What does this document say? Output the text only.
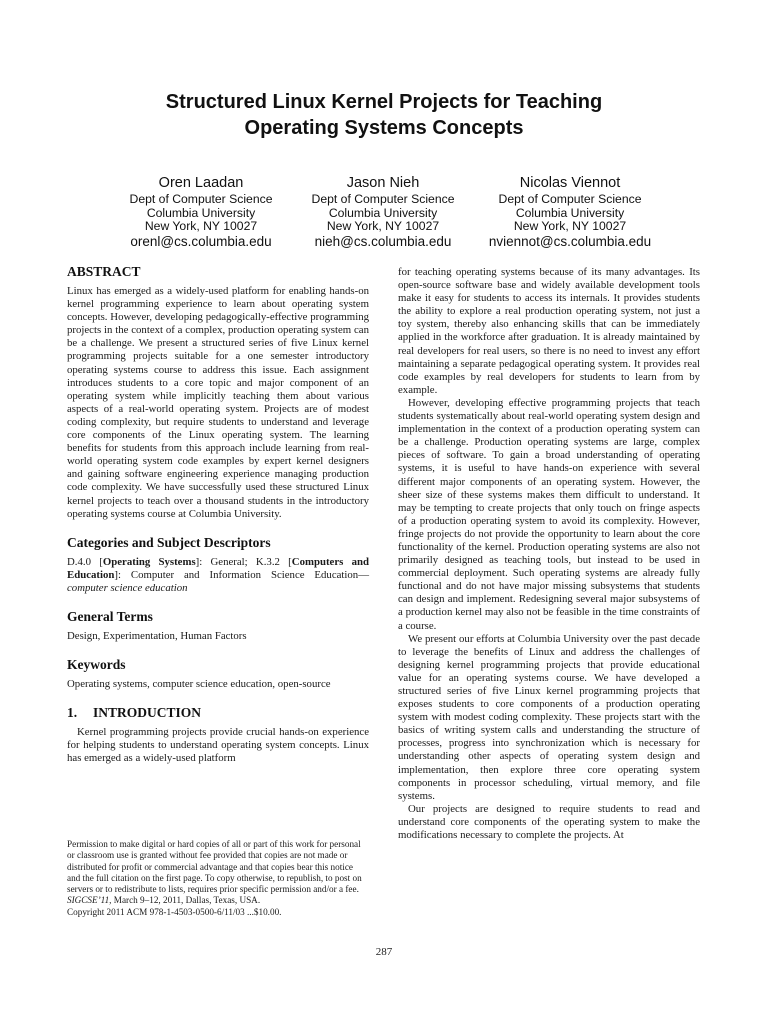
Structured Linux Kernel Projects for Teaching
Operating Systems Concepts
Oren Laadan
Dept of Computer Science
Columbia University
New York, NY 10027
orenl@cs.columbia.edu
Jason Nieh
Dept of Computer Science
Columbia University
New York, NY 10027
nieh@cs.columbia.edu
Nicolas Viennot
Dept of Computer Science
Columbia University
New York, NY 10027
nviennot@cs.columbia.edu
ABSTRACT

Linux has emerged as a widely-used platform for enabling hands-on kernel programming experience to learn about operating system concepts. However, developing pedagogically-effective programming projects in the context of a complex, production operating system can be a challenge. We present a structured series of five Linux kernel programming projects suitable for a one semester introductory operating systems course to address this issue. Each assignment introduces students to a core topic and major component of an operating system while implicitly teaching them about various aspects of a real-world operating system. Projects are of modest coding complexity, but require students to understand and leverage core components of the Linux operating system. The learning benefits for students from this approach include learning from real-world operating system code examples by expert kernel designers and gaining software engineering experience managing production code complexity. We have successfully used these structured Linux kernel projects to teach over a thousand students in the introductory operating systems course at Columbia University.

Categories and Subject Descriptors

D.4.0 [Operating Systems]: General; K.3.2 [Computers and Education]: Computer and Information Science Education—computer science education

General Terms

Design, Experimentation, Human Factors

Keywords

Operating systems, computer science education, open-source

1. INTRODUCTION

Kernel programming projects provide crucial hands-on experience for helping students to understand operating system concepts. Linux has emerged as a widely-used platform

Permission to make digital or hard copies of all or part of this work for personal or classroom use is granted without fee provided that copies are not made or distributed for profit or commercial advantage and that copies bear this notice and the full citation on the first page. To copy otherwise, to republish, to post on servers or to redistribute to lists, requires prior specific permission and/or a fee.

SIGCSE’11, March 9–12, 2011, Dallas, Texas, USA.

Copyright 2011 ACM 978-1-4503-0500-6/11/03 ...$10.00.

for teaching operating systems because of its many advantages. Its open-source software base and widely available development tools make it easy for students to access its internals. It provides students the ability to explore a real production operating system, not just a toy system, thereby also enhancing skills that can be immediately applied in the workforce after graduation. It is already maintained by real developers for real users, so there is no need to invest any effort maintaining a separate pedagogical operating system. It provides real code examples by real developers for students to learn from by example.

However, developing effective programming projects that teach students systematically about real-world operating system design and implementation in the context of a production operating system can be a challenge. Production operating systems are large, complex pieces of software. To gain a broad understanding of operating systems, it is useful to have hands-on experience with several different major components of an operating system. However, the sheer size of these systems makes them difficult to understand. It may be tempting to create projects that only touch on fringe aspects of a production operating system to avoid its complexity. However, fringe projects do not provide the opportunity to learn about the core functionality of the kernel. Production operating systems are also not primarily designed as teaching tools, but instead to be used in commercial deployment. Such operating systems are already fully functional and do not have major missing subsystems that students can design and implement. Redesigning several major subsystems of a production kernel may also not be feasible in the time constraints of a course.

We present our efforts at Columbia University over the past decade to leverage the benefits of Linux and address the challenges of designing kernel programming projects that provide educational value for an operating systems course. We have developed a structured series of five Linux kernel programming projects that exposes students to core components of a production operating system with modest coding complexity. These projects start with the basics of writing system calls and understanding the structure of processes, progress into synchronization which is necessary for understanding other aspects of operating system design and implementation, then explore three core operating system components in processor scheduling, virtual memory, and file systems.

Our projects are designed to require students to read and understand core components of the operating system to make the modifications necessary to complete the projects. At

287
